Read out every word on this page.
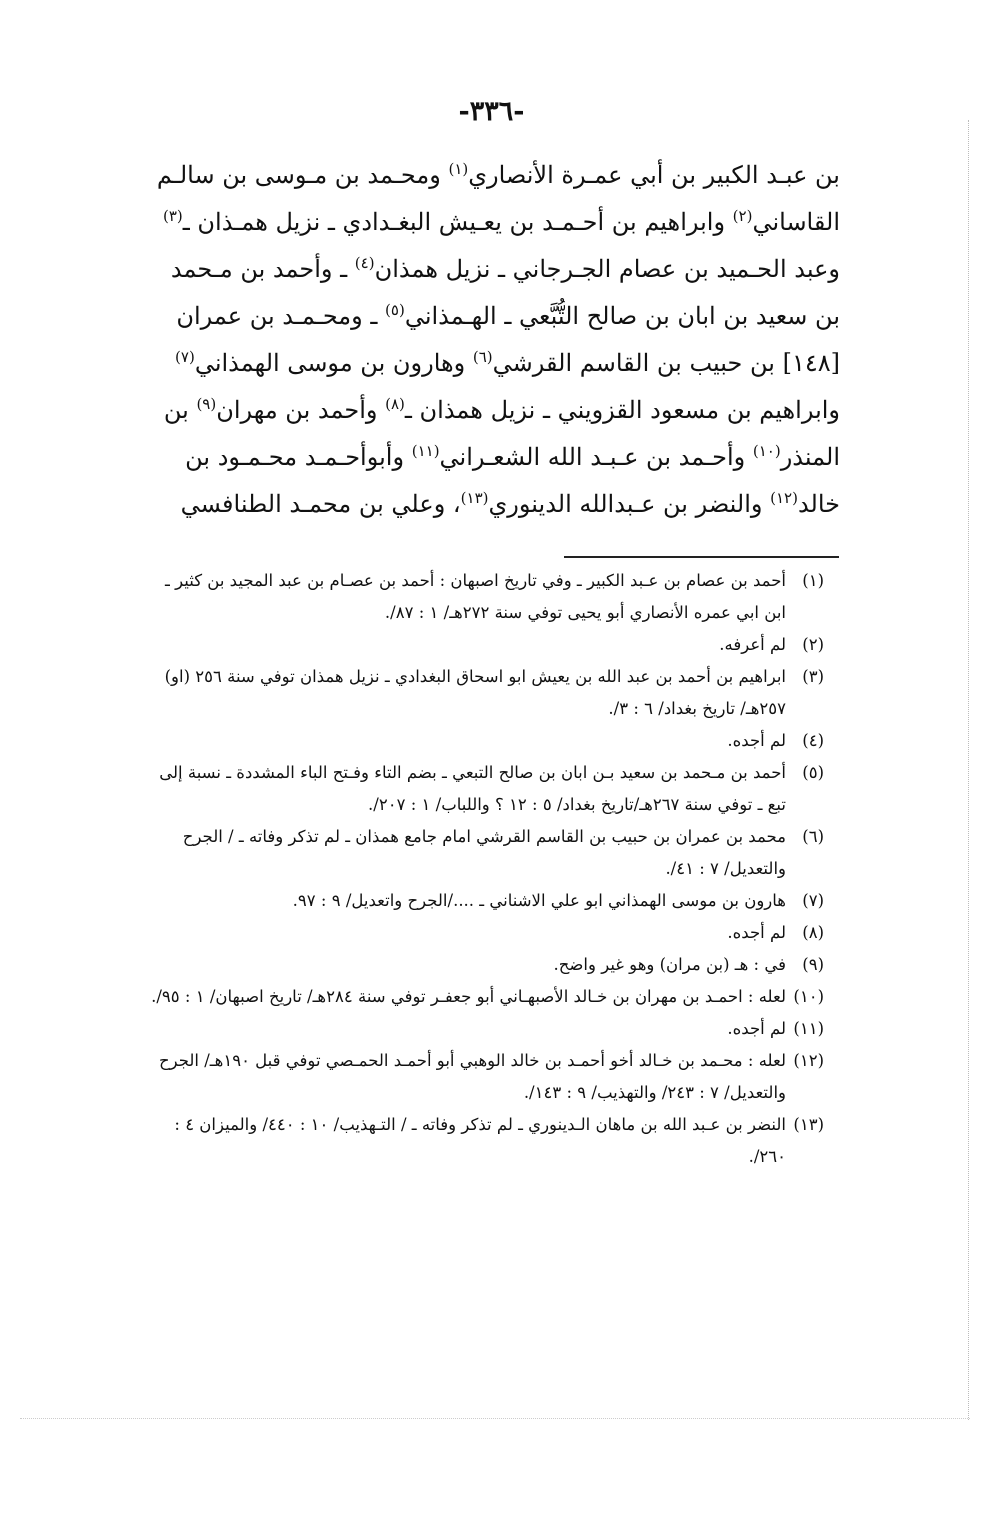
-٣٣٦-
بن عبـد الكبير بن أبي عمـرة الأنصاري$^{(١)}$ ومحـمد بن مـوسى بن سالـم
القاساني$^{(٢)}$ وابراهيم بن أحـمـد بن يعـيش البغـدادي ـ نزيل همـذان ـ$^{(٣)}$
وعبد الحـميد بن عصام الجـرجاني ـ نزيل همذان$^{(٤)}$ ـ وأحمد بن مـحمد
بن سعيد بن ابان بن صالح التُّبَّعي ـ الهـمذاني$^{(٥)}$ ـ ومحـمـد بن عمران
[١٤٨] بن حبيب بن القاسم القرشي$^{(٦)}$ وهارون بن موسى الهمذاني$^{(٧)}$
وابراهيم بن مسعود القزويني ـ نزيل همذان ـ$^{(٨)}$ وأحمد بن مهران$^{(٩)}$ بن
المنذر$^{(١٠)}$ وأحـمد بن عـبـد الله الشعـراني$^{(١١)}$ وأبوأحـمـد محـمـود بن
خالد$^{(١٢)}$ والنضر بن عـبدالله الدينوري$^{(١٣)}$، وعلي بن محمـد الطنافسي
(١)
أحمد بن عصام بن عـبد الكبير ـ وفي تاريخ اصبهان : أحمد بن عصـام بن عبد المجيد بن كثير ـ ابن ابي عمره الأنصاري أبو يحيى توفي سنة ٢٧٢هـ/ ١ : ٨٧/.
(٢)
لم أعرفه.
(٣)
ابراهيم بن أحمد بن عبد الله بن يعيش ابو اسحاق البغدادي ـ نزيل همذان توفي سنة ٢٥٦ (او) ٢٥٧هـ/ تاريخ بغداد/ ٦ : ٣/.
(٤)
لم أجده.
(٥)
أحمد بن مـحمد بن سعيد بـن ابان بن صالح التبعي ـ بضم التاء وفـتح الباء المشددة ـ نسبة إلى تبع ـ توفي سنة ٢٦٧هـ/تاريخ بغداد/ ٥ : ١٢ ؟ واللباب/ ١ : ٢٠٧/.
(٦)
محمد بن عمران بن حبيب بن القاسم القرشي امام جامع همذان ـ لم تذكر وفاته ـ / الجرح والتعديل/ ٧ : ٤١/.
(٧)
هارون بن موسى الهمذاني ابو علي الاشناني ـ ..../الجرح واتعديل/ ٩ : ٩٧.
(٨)
لم أجده.
(٩)
في : هـ (بن مران) وهو غير واضح.
(١٠)
لعله : احمـد بن مهران بن خـالد الأصبهـاني أبو جعفـر توفي سنة ٢٨٤هـ/ تاريخ اصبهان/ ١ : ٩٥/.
(١١)
لم أجده.
(١٢)
لعله : محـمد بن خـالد أخو أحمـد بن خالد الوهبي أبو أحمـد الحمـصي توفي قبل ١٩٠هـ/ الجرح والتعديل/ ٧ : ٢٤٣/ والتهذيب/ ٩ : ١٤٣/.
(١٣)
النضر بن عـبد الله بن ماهان الـدينوري ـ لم تذكر وفاته ـ / التـهذيب/ ١٠ : ٤٤٠/ والميزان ٤ : ٢٦٠/.
